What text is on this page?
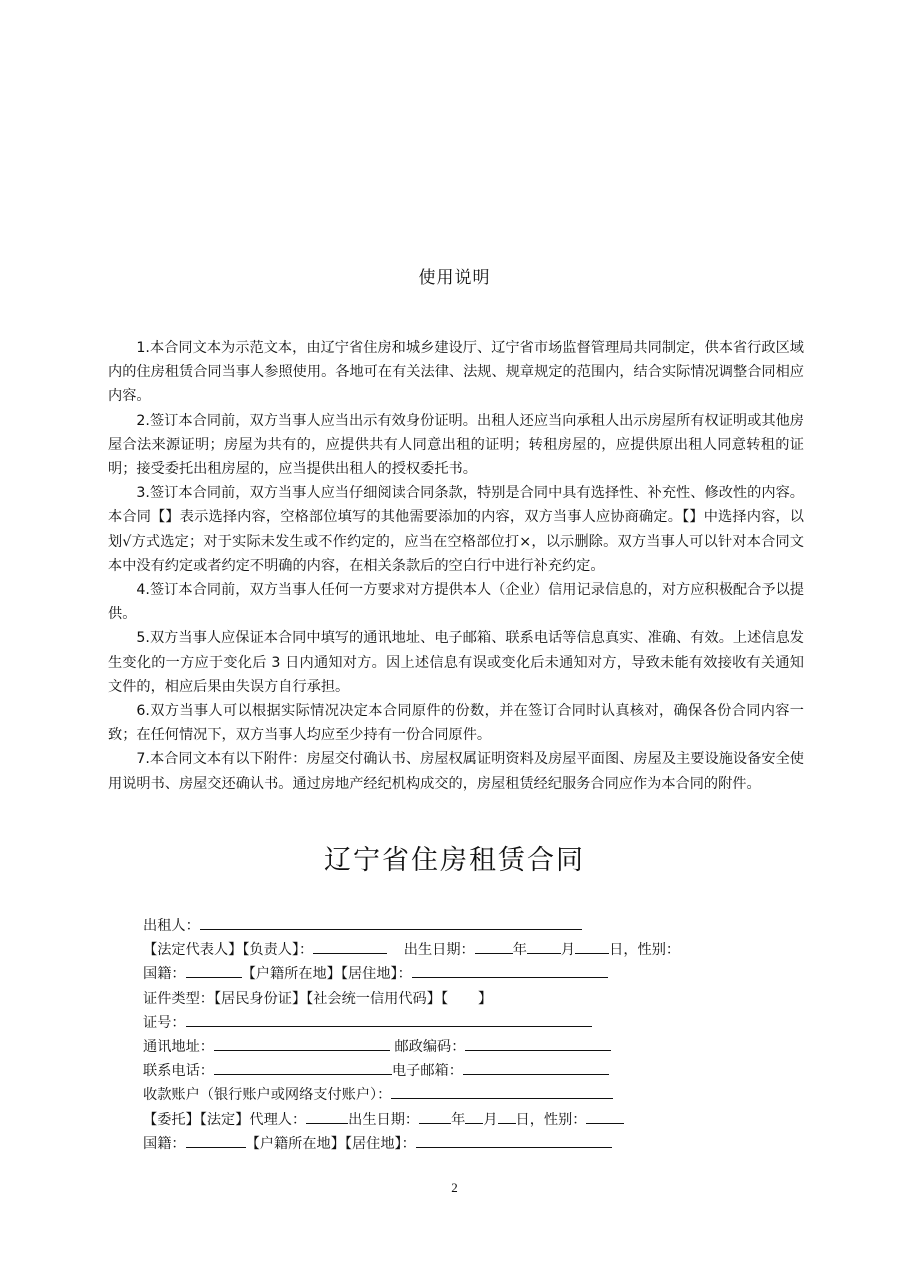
使用说明

1.本合同文本为示范文本，由辽宁省住房和城乡建设厅、辽宁省市场监督管理局共同制定，供本省行政区域内的住房租赁合同当事人参照使用。各地可在有关法律、法规、规章规定的范围内，结合实际情况调整合同相应内容。

2.签订本合同前，双方当事人应当出示有效身份证明。出租人还应当向承租人出示房屋所有权证明或其他房屋合法来源证明；房屋为共有的，应提供共有人同意出租的证明；转租房屋的，应提供原出租人同意转租的证明；接受委托出租房屋的，应当提供出租人的授权委托书。

3.签订本合同前，双方当事人应当仔细阅读合同条款，特别是合同中具有选择性、补充性、修改性的内容。本合同【】表示选择内容，空格部位填写的其他需要添加的内容，双方当事人应协商确定。【】中选择内容，以划√方式选定；对于实际未发生或不作约定的，应当在空格部位打×，以示删除。双方当事人可以针对本合同文本中没有约定或者约定不明确的内容，在相关条款后的空白行中进行补充约定。

4.签订本合同前，双方当事人任何一方要求对方提供本人（企业）信用记录信息的，对方应积极配合予以提供。

5.双方当事人应保证本合同中填写的通讯地址、电子邮箱、联系电话等信息真实、准确、有效。上述信息发生变化的一方应于变化后 3 日内通知对方。因上述信息有误或变化后未通知对方，导致未能有效接收有关通知文件的，相应后果由失误方自行承担。

6.双方当事人可以根据实际情况决定本合同原件的份数，并在签订合同时认真核对，确保各份合同内容一致；在任何情况下，双方当事人均应至少持有一份合同原件。

7.本合同文本有以下附件：房屋交付确认书、房屋权属证明资料及房屋平面图、房屋及主要设施设备安全使用说明书、房屋交还确认书。通过房地产经纪机构成交的，房屋租赁经纪服务合同应作为本合同的附件。

辽宁省住房租赁合同
出租人：
【法定代表人】【负责人】：	出生日期：	年 月 日，性别：
国籍：	【户籍所在地】【居住地】：
证件类型：【居民身份证】【社会统一信用代码】【 】
证号：
通讯地址：	邮政编码：
联系电话：	电子邮箱：
收款账户（银行账户或网络支付账户）：
【委托】【法定】代理人：	出生日期： 年 月 日，性别：
国籍：	【户籍所在地】【居住地】：
2
